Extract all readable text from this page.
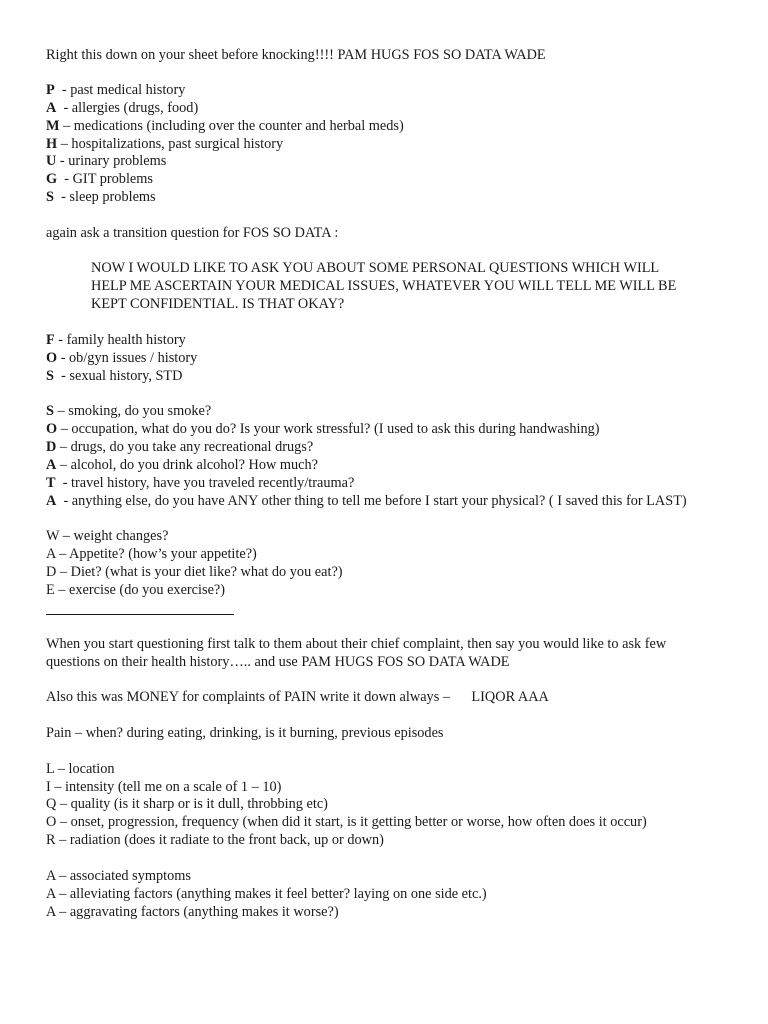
Right this down on your sheet before knocking!!!! PAM HUGS FOS SO DATA WADE
P  - past medical history
A  - allergies (drugs, food)
M – medications (including over the counter and herbal meds)
H – hospitalizations, past surgical history
U - urinary problems
G  - GIT problems
S  - sleep problems
again ask a transition question for FOS SO DATA :
NOW I WOULD LIKE TO ASK YOU ABOUT SOME PERSONAL QUESTIONS WHICH WILL
HELP ME ASCERTAIN YOUR MEDICAL ISSUES, WHATEVER YOU WILL TELL ME WILL BE
KEPT CONFIDENTIAL. IS THAT OKAY?
F - family health history
O - ob/gyn issues / history
S  - sexual history, STD
S – smoking, do you smoke?
O – occupation, what do you do? Is your work stressful? (I used to ask this during handwashing)
D – drugs, do you take any recreational drugs?
A – alcohol, do you drink alcohol? How much?
T  - travel history, have you traveled recently/trauma?
A  - anything else, do you have ANY other thing to tell me before I start your physical? ( I saved this for LAST)
W – weight changes?
A – Appetite? (how’s your appetite?)
D – Diet? (what is your diet like? what do you eat?)
E – exercise (do you exercise?)
When you start questioning first talk to them about their chief complaint, then say you would like to ask few
questions on their health history….. and use PAM HUGS FOS SO DATA WADE
Also this was MONEY for complaints of PAIN write it down always –      LIQOR AAA
Pain – when? during eating, drinking, is it burning, previous episodes
L – location
I – intensity (tell me on a scale of 1 – 10)
Q – quality (is it sharp or is it dull, throbbing etc)
O – onset, progression, frequency (when did it start, is it getting better or worse, how often does it occur)
R – radiation (does it radiate to the front back, up or down)
A – associated symptoms
A – alleviating factors (anything makes it feel better? laying on one side etc.)
A – aggravating factors (anything makes it worse?)
